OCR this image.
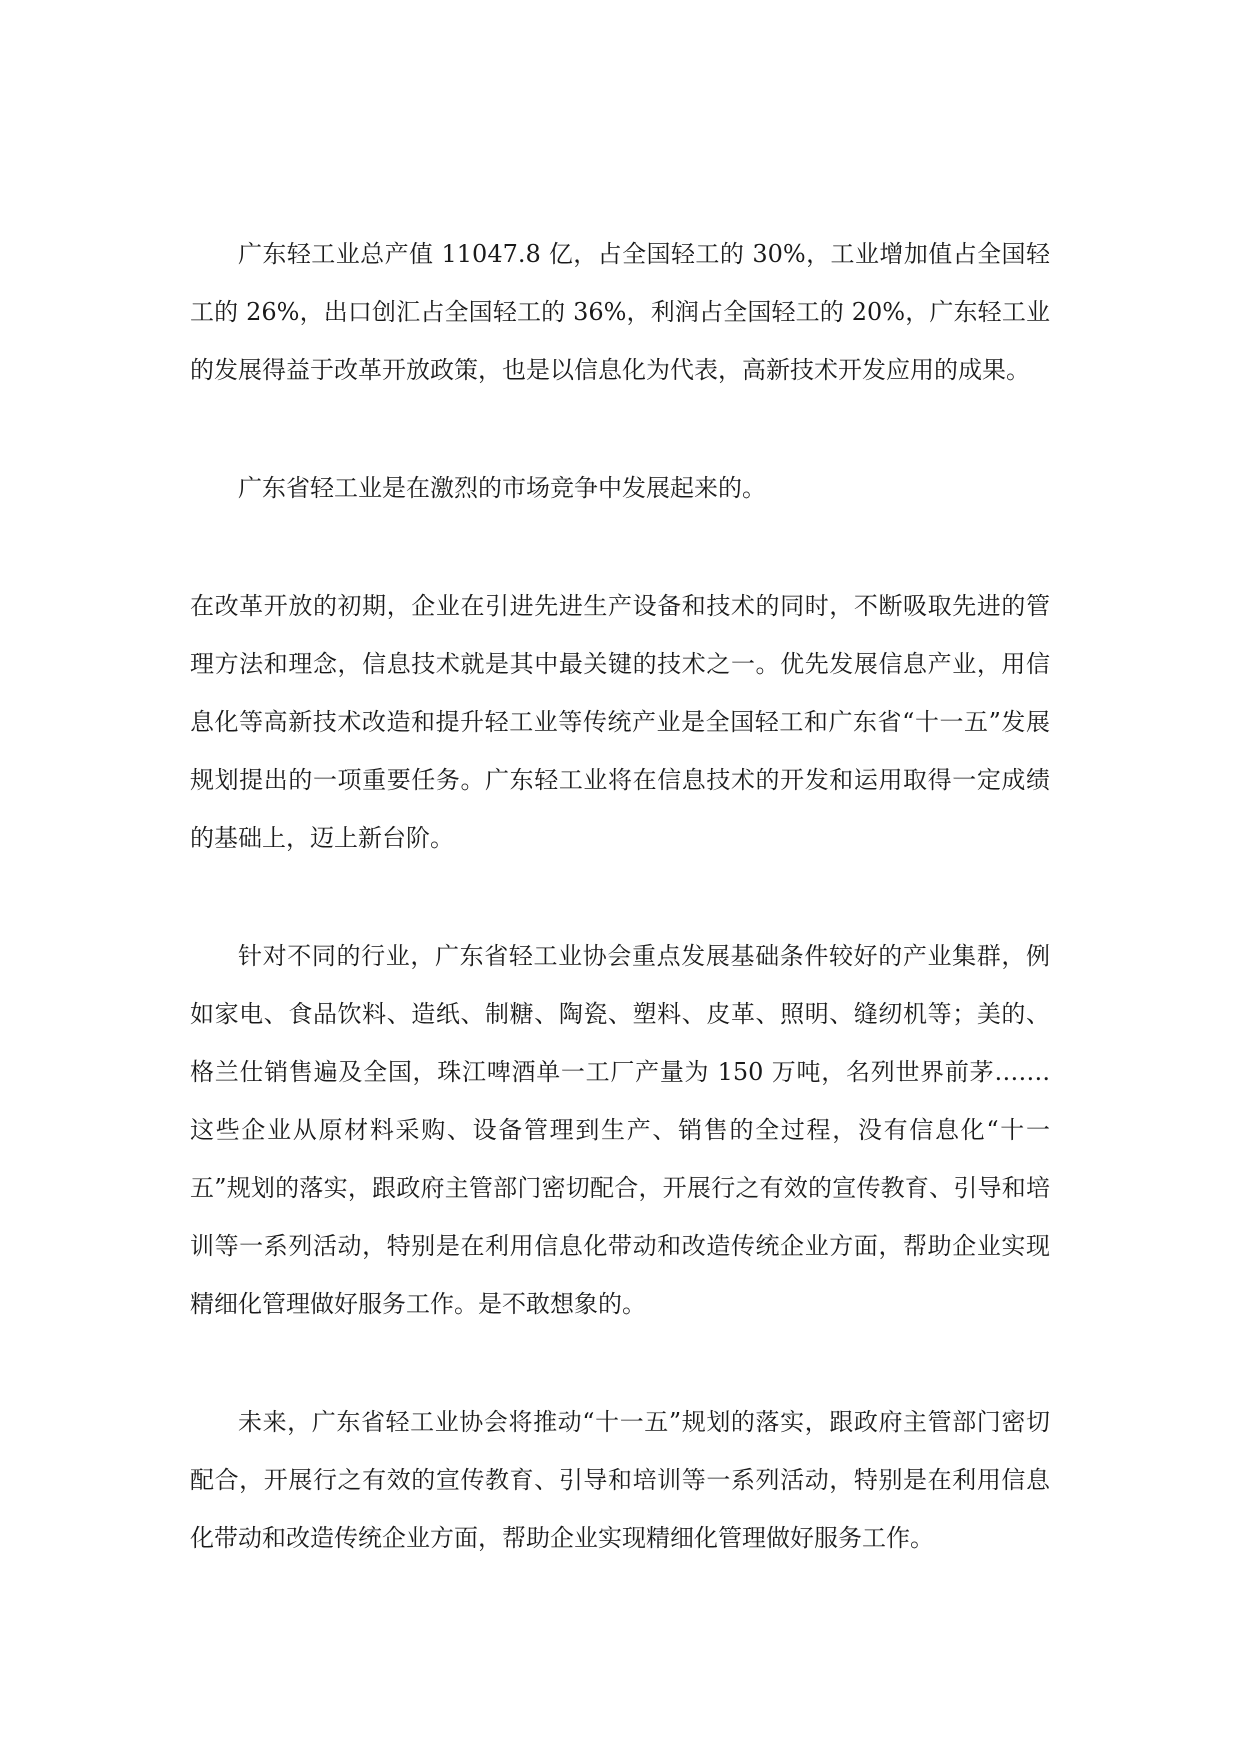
广东轻工业总产值 11047.8 亿，占全国轻工的 30%，工业增加值占全国轻工的 26%，出口创汇占全国轻工的 36%，利润占全国轻工的 20%，广东轻工业的发展得益于改革开放政策，也是以信息化为代表，高新技术开发应用的成果。

广东省轻工业是在激烈的市场竞争中发展起来的。

在改革开放的初期，企业在引进先进生产设备和技术的同时，不断吸取先进的管理方法和理念，信息技术就是其中最关键的技术之一。优先发展信息产业，用信息化等高新技术改造和提升轻工业等传统产业是全国轻工和广东省“十一五”发展规划提出的一项重要任务。广东轻工业将在信息技术的开发和运用取得一定成绩的基础上，迈上新台阶。

针对不同的行业，广东省轻工业协会重点发展基础条件较好的产业集群，例如家电、食品饮料、造纸、制糖、陶瓷、塑料、皮革、照明、缝纫机等；美的、格兰仕销售遍及全国，珠江啤酒单一工厂产量为 150 万吨，名列世界前茅…….这些企业从原材料采购、设备管理到生产、销售的全过程，没有信息化“十一五”规划的落实，跟政府主管部门密切配合，开展行之有效的宣传教育、引导和培训等一系列活动，特别是在利用信息化带动和改造传统企业方面，帮助企业实现精细化管理做好服务工作。是不敢想象的。

未来，广东省轻工业协会将推动“十一五”规划的落实，跟政府主管部门密切配合，开展行之有效的宣传教育、引导和培训等一系列活动，特别是在利用信息化带动和改造传统企业方面，帮助企业实现精细化管理做好服务工作。
